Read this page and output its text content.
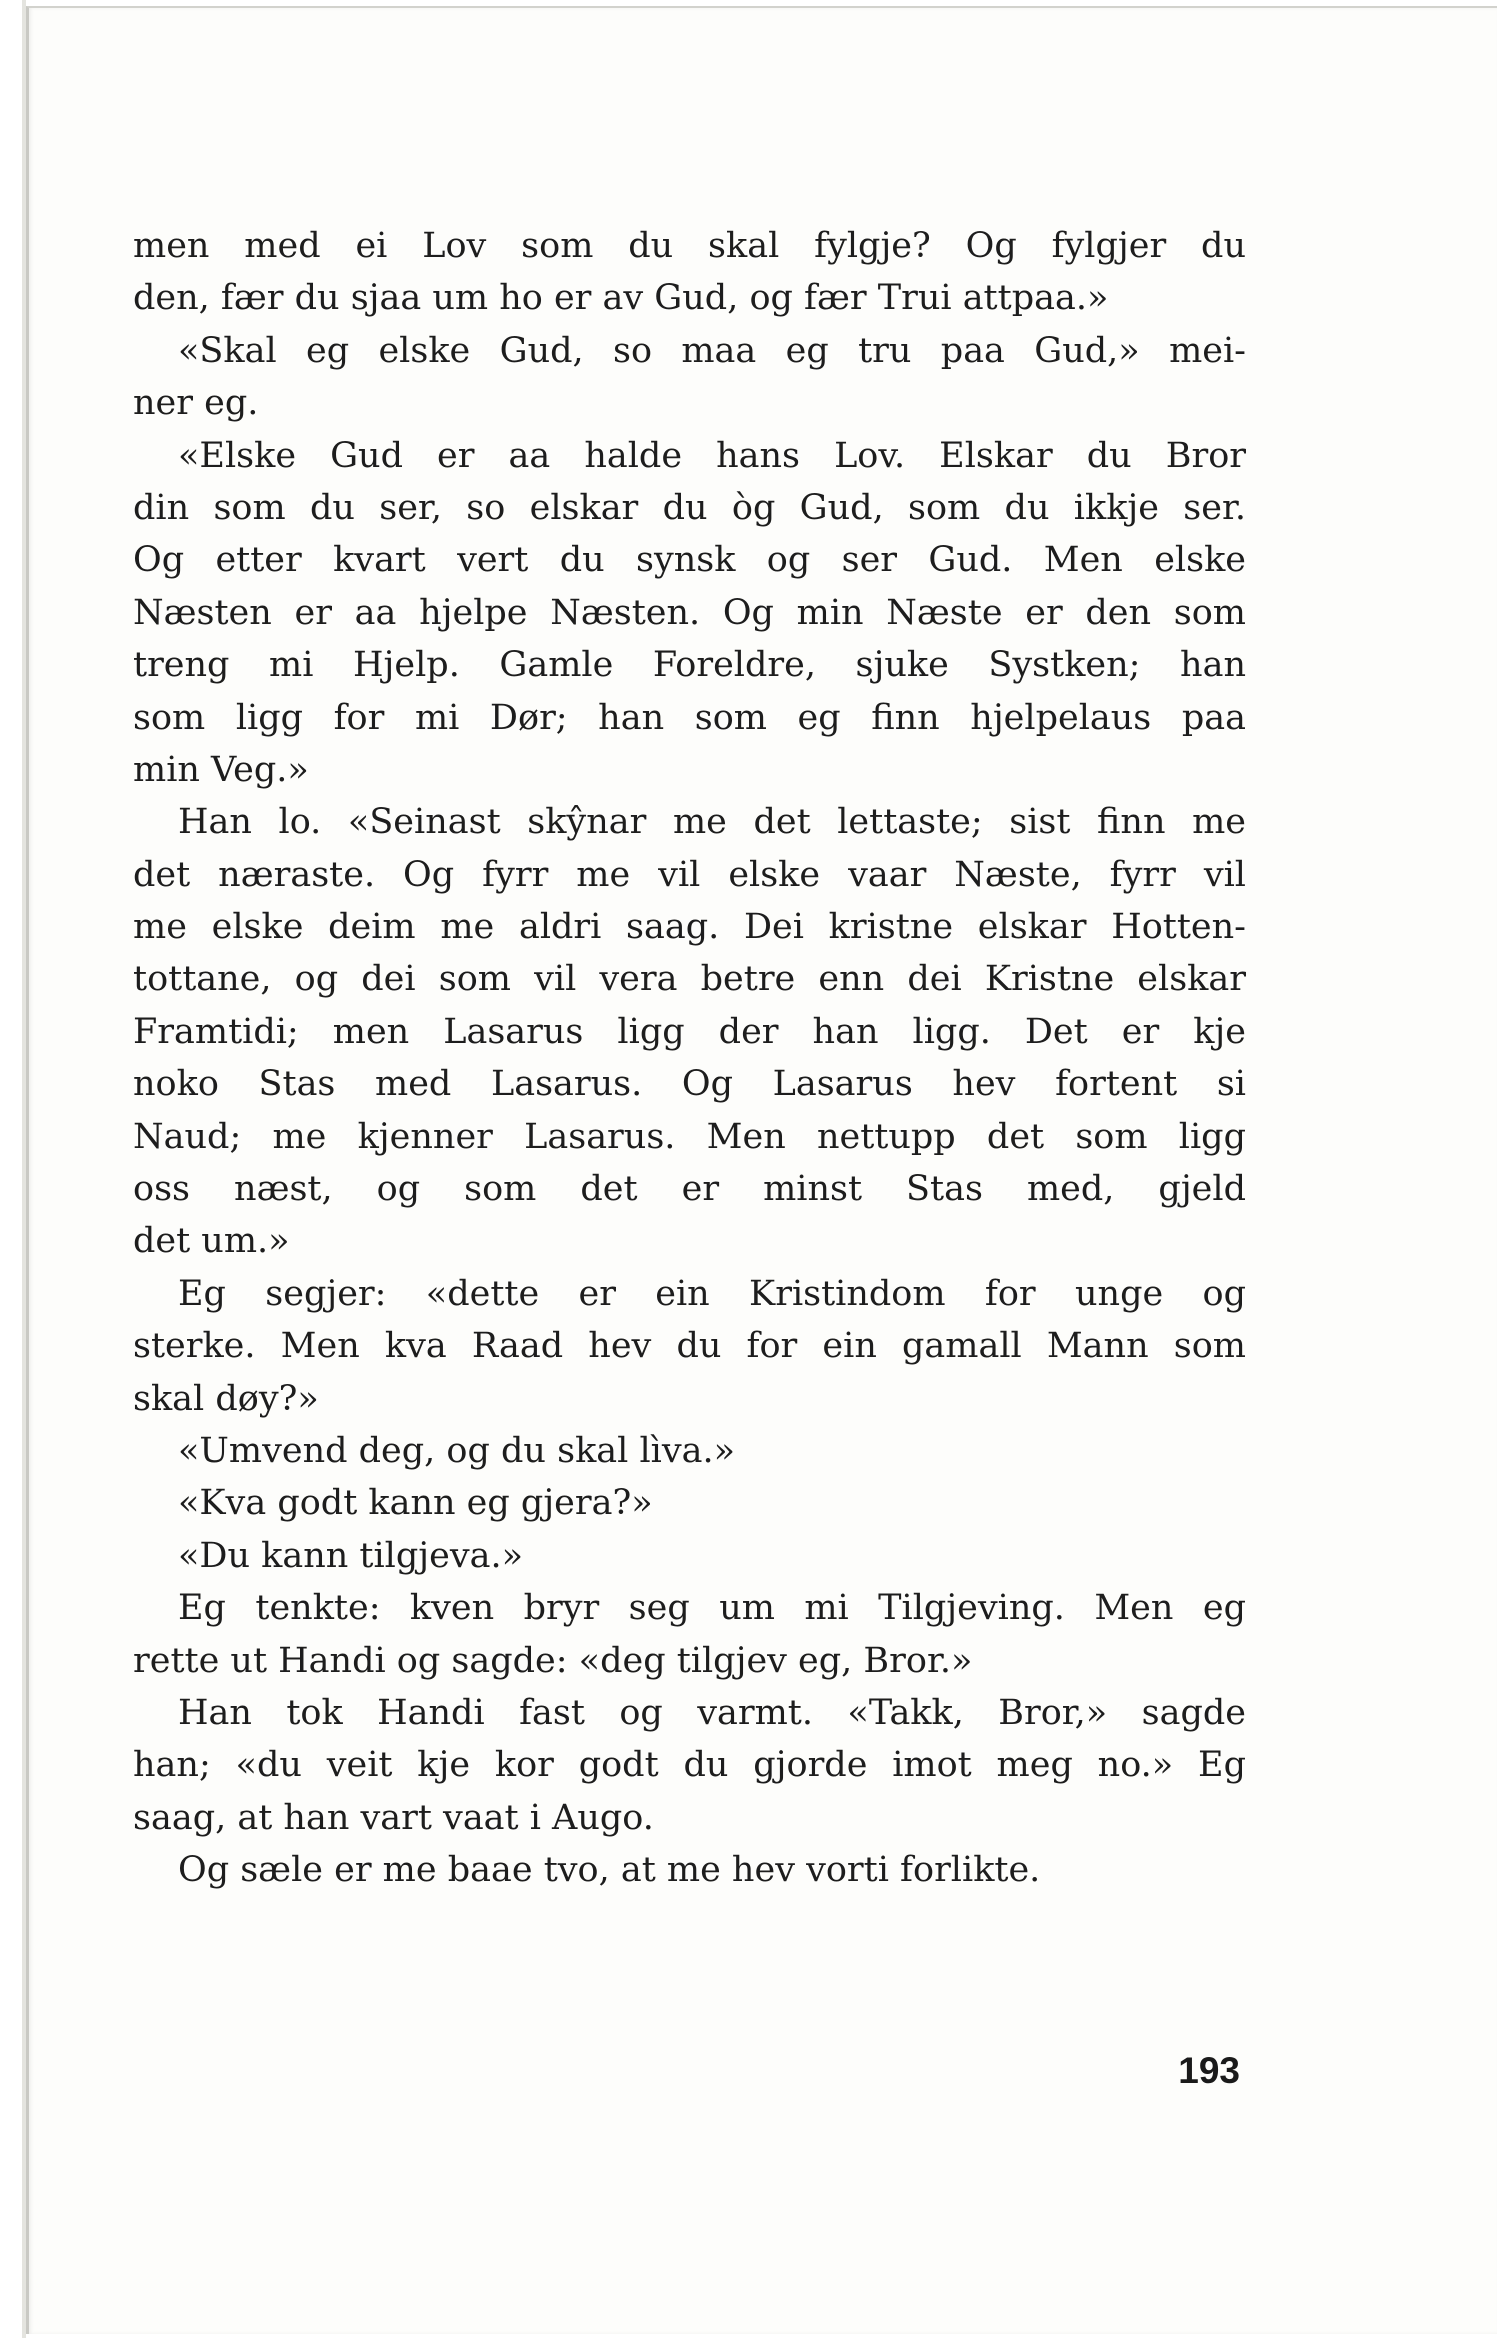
men med ei Lov som du skal fylgje? Og fylgjer du
den, fær du sjaa um ho er av Gud, og fær Trui attpaa.»
«Skal eg elske Gud, so maa eg tru paa Gud,» mei-
ner eg.
«Elske Gud er aa halde hans Lov. Elskar du Bror
din som du ser, so elskar du òg Gud, som du ikkje ser.
Og etter kvart vert du synsk og ser Gud. Men elske
Næsten er aa hjelpe Næsten. Og min Næste er den som
treng mi Hjelp. Gamle Foreldre, sjuke Systken; han
som ligg for mi Dør; han som eg finn hjelpelaus paa
min Veg.»
Han lo. «Seinast skŷnar me det lettaste; sist finn me
det næraste. Og fyrr me vil elske vaar Næste, fyrr vil
me elske deim me aldri saag. Dei kristne elskar Hotten-
tottane, og dei som vil vera betre enn dei Kristne elskar
Framtidi; men Lasarus ligg der han ligg. Det er kje
noko Stas med Lasarus. Og Lasarus hev fortent si
Naud; me kjenner Lasarus. Men nettupp det som ligg
oss næst, og som det er minst Stas med, gjeld
det um.»
Eg segjer: «dette er ein Kristindom for unge og
sterke. Men kva Raad hev du for ein gamall Mann som
skal døy?»
«Umvend deg, og du skal lìva.»
«Kva godt kann eg gjera?»
«Du kann tilgjeva.»
Eg tenkte: kven bryr seg um mi Tilgjeving. Men eg
rette ut Handi og sagde: «deg tilgjev eg, Bror.»
Han tok Handi fast og varmt. «Takk, Bror,» sagde
han; «du veit kje kor godt du gjorde imot meg no.» Eg
saag, at han vart vaat i Augo.
Og sæle er me baae tvo, at me hev vorti forlikte.
193
